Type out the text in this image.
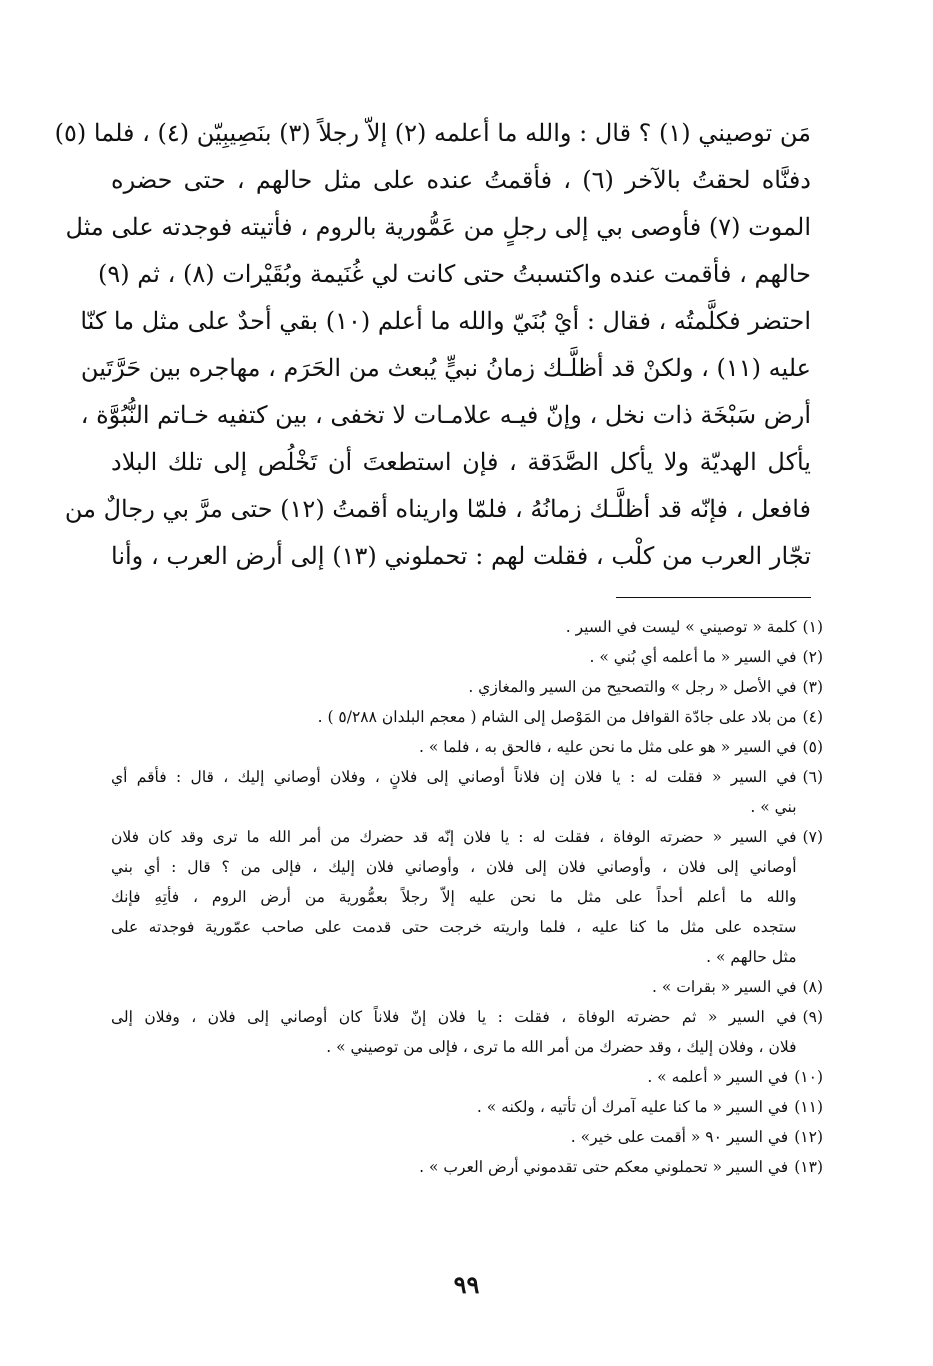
مَن توصيني (١) ؟ قال : والله ما أعلمه (٢) إلاّ رجلاً (٣) بنَصِيبِيّن (٤) ، فلما (٥)
دفنَّاه لحقتُ بالآخر (٦) ، فأقمتُ عنده على مثل حالهم ، حتى حضره
الموت (٧) فأوصى بي إلى رجلٍ من عَمُّورية بالروم ، فأتيته فوجدته على مثل
حالهم ، فأقمت عنده واكتسبتُ حتى كانت لي غُنَيمة وبُقَيْرات (٨) ، ثم (٩)
احتضر فكلَّمتُه ، فقال : أيْ بُنَيّ والله ما أعلم (١٠) بقي أحدٌ على مثل ما كنّا
عليه (١١) ، ولكنْ قد أظلَّـك زمانُ نبيٍّ يُبعث من الحَرَم ، مهاجره بين حَرَّتَين
أرض سَبْخَة ذات نخل ، وإنّ فيـه علامـات لا تخفى ، بين كتفيه خـاتم النُّبُوَّة ،
يأكل الهديّة ولا يأكل الصَّدَقة ، فإن استطعتَ أن تَخْلُص إلى تلك البلاد
فافعل ، فإنّه قد أظلَّـك زمانُهُ ، فلمّا واريناه أقمتُ (١٢) حتى مرَّ بي رجالٌ من
تجّار العرب من كلْب ، فقلت لهم : تحملوني (١٣) إلى أرض العرب ، وأنا
(١)
كلمة « توصيني » ليست في السير .
(٢)
في السير « ما أعلمه أي بُني » .
(٣)
في الأصل « رجل » والتصحيح من السير والمغازي .
(٤)
من بلاد على جادّة القوافل من المَوْصل إلى الشام ( معجم البلدان ٥/٢٨٨ ) .
(٥)
في السير « هو على مثل ما نحن عليه ، فالحق به ، فلما » .
(٦)
في السير « فقلت له : يا فلان إن فلاناً أوصاني إلى فلانٍ ، وفلان أوصاني إليك ، قال : فأقم أي
بني » .
(٧)
في السير « حضرته الوفاة ، فقلت له : يا فلان إنّه قد حضرك من أمر الله ما ترى وقد كان فلان
أوصاني إلى فلان ، وأوصاني فلان إلى فلان ، وأوصاني فلان إليك ، فإلى من ؟ قال : أي بني
والله ما أعلم أحداً على مثل ما نحن عليه إلاّ رجلاً بعمُّورية من أرض الروم ، فأتِهِ فإنك
ستجده على مثل ما كنا عليه ، فلما واريته خرجت حتى قدمت على صاحب عمّورية فوجدته على
مثل حالهم » .
(٨)
في السير « بقرات » .
(٩)
في السير « ثم حضرته الوفاة ، فقلت : يا فلان إنّ فلاناً كان أوصاني إلى فلان ، وفلان إلى
فلان ، وفلان إليك ، وقد حضرك من أمر الله ما ترى ، فإلى من توصيني » .
(١٠)
في السير « أعلمه » .
(١١)
في السير « ما كنا عليه آمرك أن تأتيه ، ولكنه » .
(١٢)
في السير ٩٠ « أقمت على خير» .
(١٣)
في السير « تحملوني معكم حتى تقدموني أرض العرب » .
٩٩
